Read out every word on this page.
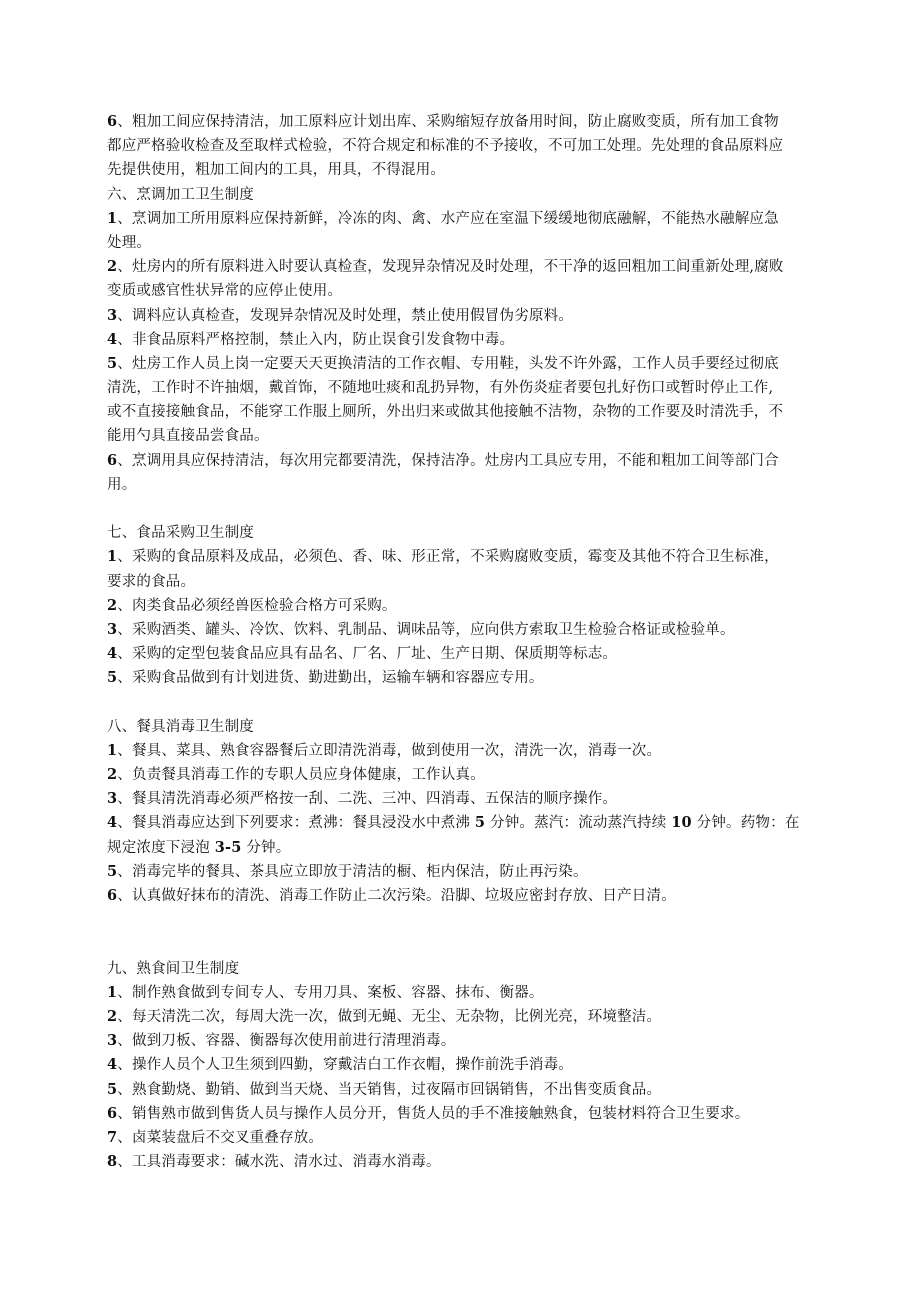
6、粗加工间应保持清洁，加工原料应计划出库、采购缩短存放备用时间，防止腐败变质，所有加工食物
都应严格验收检查及至取样式检验，不符合规定和标准的不予接收，不可加工处理。先处理的食品原料应
先提供使用，粗加工间内的工具，用具，不得混用。
六、烹调加工卫生制度
1、烹调加工所用原料应保持新鲜，冷冻的肉、禽、水产应在室温下缓缓地彻底融解，不能热水融解应急
处理。
2、灶房内的所有原料进入时要认真检查，发现异杂情况及时处理，不干净的返回粗加工间重新处理,腐败
变质或感官性状异常的应停止使用。
3、调料应认真检查，发现异杂情况及时处理，禁止使用假冒伪劣原料。
4、非食品原料严格控制，禁止入内，防止误食引发食物中毒。
5、灶房工作人员上岗一定要天天更换清洁的工作衣帽、专用鞋，头发不许外露，工作人员手要经过彻底
清洗，工作时不许抽烟，戴首饰，不随地吐痰和乱扔异物，有外伤炎症者要包扎好伤口或暂时停止工作,
或不直接接触食品，不能穿工作服上厕所，外出归来或做其他接触不洁物，杂物的工作要及时清洗手，不
能用勺具直接品尝食品。
6、烹调用具应保持清洁，每次用完都要清洗，保持洁净。灶房内工具应专用，不能和粗加工间等部门合
用。
七、食品采购卫生制度
1、采购的食品原料及成品，必须色、香、味、形正常，不采购腐败变质，霉变及其他不符合卫生标准，
要求的食品。
2、肉类食品必须经兽医检验合格方可采购。
3、采购酒类、罐头、冷饮、饮料、乳制品、调味品等，应向供方索取卫生检验合格证或检验单。
4、采购的定型包装食品应具有品名、厂名、厂址、生产日期、保质期等标志。
5、采购食品做到有计划进货、勤进勤出，运输车辆和容器应专用。
八、餐具消毒卫生制度
1、餐具、菜具、熟食容器餐后立即清洗消毒，做到使用一次，清洗一次，消毒一次。
2、负责餐具消毒工作的专职人员应身体健康，工作认真。
3、餐具清洗消毒必须严格按一刮、二洗、三冲、四消毒、五保洁的顺序操作。
4、餐具消毒应达到下列要求：煮沸：餐具浸没水中煮沸 5 分钟。蒸汽：流动蒸汽持续 10 分钟。药物：在
规定浓度下浸泡 3-5 分钟。
5、消毒完毕的餐具、茶具应立即放于清洁的橱、柜内保洁，防止再污染。
6、认真做好抹布的清洗、消毒工作防止二次污染。沿脚、垃圾应密封存放、日产日清。
九、熟食间卫生制度
1、制作熟食做到专间专人、专用刀具、案板、容器、抹布、衡器。
2、每天清洗二次，每周大洗一次，做到无蝇、无尘、无杂物，比例光亮，环境整洁。
3、做到刀板、容器、衡器每次使用前进行清理消毒。
4、操作人员个人卫生须到四勤，穿戴洁白工作衣帽，操作前洗手消毒。
5、熟食勤烧、勤销、做到当天烧、当天销售，过夜隔市回锅销售，不出售变质食品。
6、销售熟市做到售货人员与操作人员分开，售货人员的手不准接触熟食，包装材料符合卫生要求。
7、卤菜装盘后不交叉重叠存放。
8、工具消毒要求：碱水洗、清水过、消毒水消毒。
